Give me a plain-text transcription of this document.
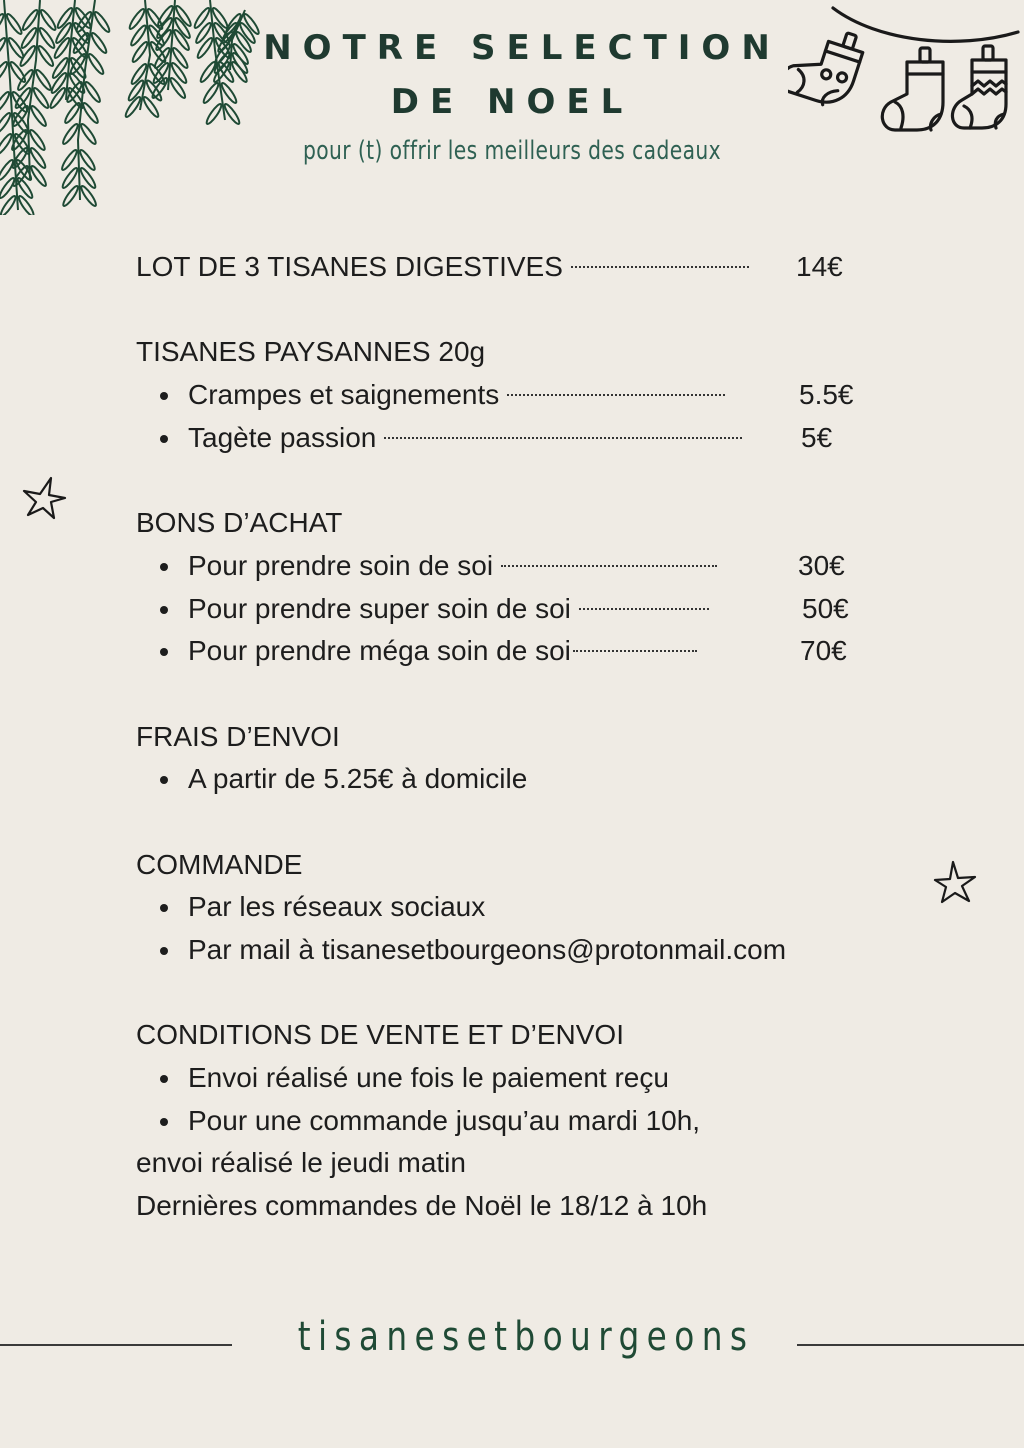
NOTRE SELECTION
DE NOEL
pour (t) offrir les meilleurs des cadeaux
LOT DE 3 TISANES DIGESTIVES	14€
TISANES PAYSANNES 20g
Crampes et saignements	5.5€
Tagète passion	5€
BONS D’ACHAT
Pour prendre soin de soi	30€
Pour prendre super soin de soi	50€
Pour prendre méga soin de soi	70€
FRAIS D’ENVOI
A partir de 5.25€ à domicile
COMMANDE
Par les réseaux sociaux
Par mail à tisanesetbourgeons@protonmail.com
CONDITIONS DE VENTE ET D’ENVOI
Envoi réalisé une fois le paiement reçu
Pour une commande jusqu’au mardi 10h,
envoi réalisé le jeudi matin
Dernières commandes de Noël le 18/12 à 10h
tisanesetbourgeons
